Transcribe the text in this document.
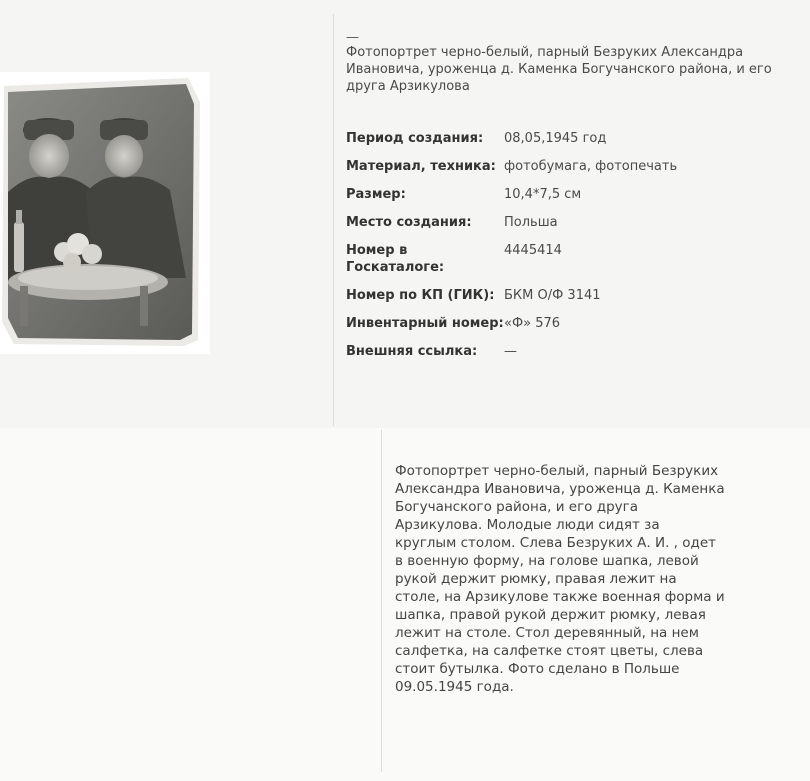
—
Фотопортрет черно-белый, парный Безруких Александра Ивановича, уроженца д. Каменка Богучанского района, и его друга Арзикулова
Период создания:	08,05,1945 год
Материал, техника:	фотобумага, фотопечать
Размер:	10,4*7,5 см
Место создания:	Польша
Номер в Госкаталоге:	4445414
Номер по КП (ГИК):	БКМ О/Ф 3141
Инвентарный номер:	«Ф» 576
Внешняя ссылка:	—
Фотопортрет черно-белый, парный Безруких Александра Ивановича, уроженца д. Каменка Богучанского района, и его друга Арзикулова. Молодые люди сидят за круглым столом. Слева Безруких А. И. , одет в военную форму, на голове шапка, левой рукой держит рюмку, правая лежит на столе, на Арзикулове также военная форма и шапка, правой рукой держит рюмку, левая лежит на столе. Стол деревянный, на нем салфетка, на салфетке стоят цветы, слева стоит бутылка. Фото сделано в Польше 09.05.1945 года.
